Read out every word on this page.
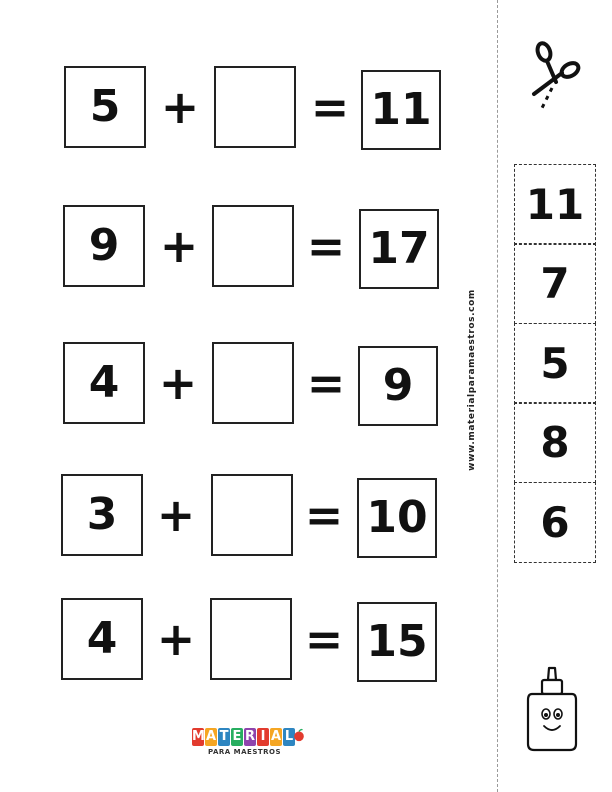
5 + = 11
9 + = 17
4 + = 9
3 + = 10
4 + = 15
www.materialparamaestros.com
11
7
5
8
6
M A T E R I A L
PARA MAESTROS
